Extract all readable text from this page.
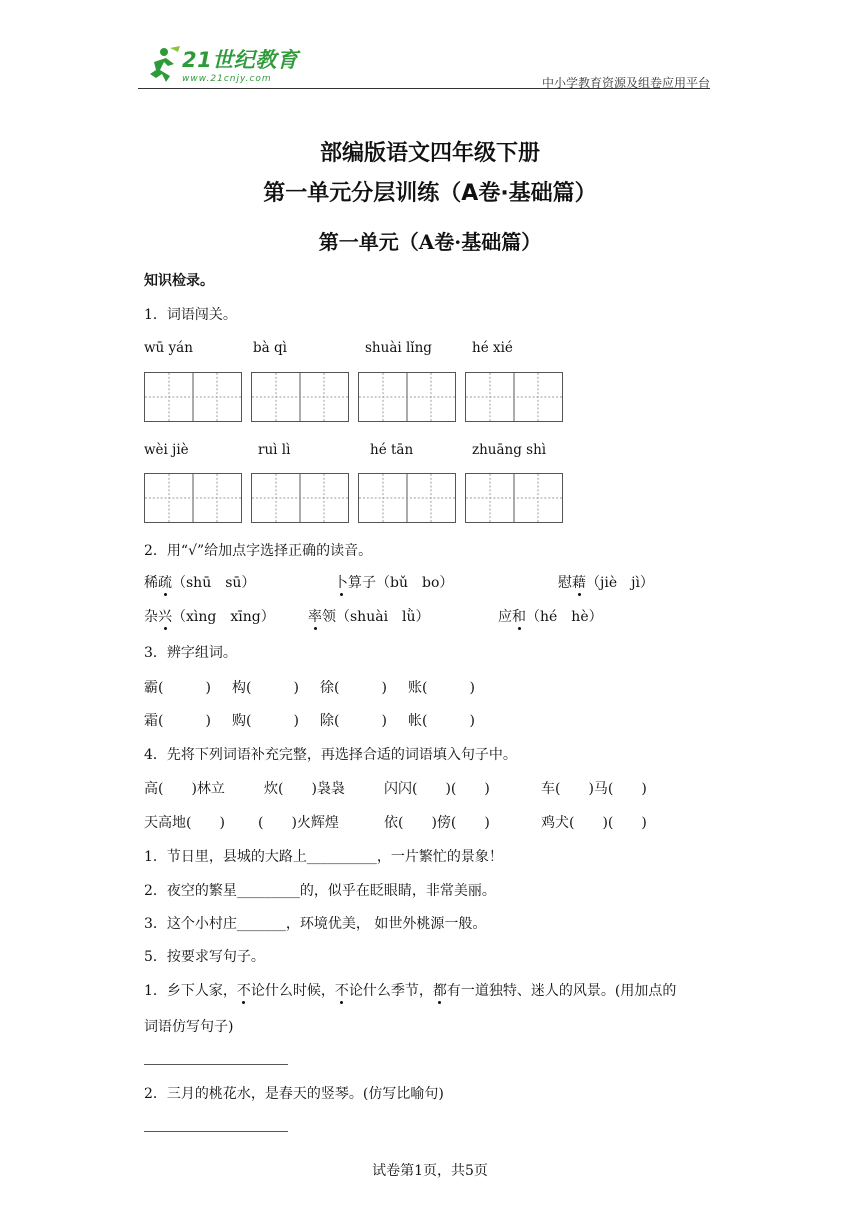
21世纪教育
www.21cnjy.com	中小学教育资源及组卷应用平台
部编版语文四年级下册
第一单元分层训练（A卷·基础篇）
第一单元（A卷·基础篇）
知识检录。
1．词语闯关。
wū yán	bà qì	shuài lǐng	hé xié
wèi jiè	ruì lì	hé tān	zhuāng shì
2．用“√”给加点字选择正确的读音。
稀疏（shū　sū）	卜算子（bǔ　bo）	慰藉（jiè　jì）
杂兴（xìng　xīng） 率领（shuài　lǜ）	应和（hé　hè）
3．辨字组词。
霸(　　　) 构(　　　) 徐(　　　) 账(　　　)
霜(　　　) 购(　　　) 除(　　　) 帐(　　　)
4．先将下列词语补充完整，再选择合适的词语填入句子中。
高(　　)林立	炊(　　)袅袅	闪闪(　　)(　　)	车(　　)马(　　)
天高地(　　) (　　)火辉煌	依(　　)傍(　　)	鸡犬(　　)(　　)
1．节日里，县城的大路上__________，一片繁忙的景象！
2．夜空的繁星_________的，似乎在眨眼睛，非常美丽。
3．这个小村庄_______，环境优美， 如世外桃源一般。
5．按要求写句子。
1．乡下人家，不论什么时候，不论什么季节，都有一道独特、迷人的风景。(用加点的
词语仿写句子)
2．三月的桃花水，是春天的竖琴。(仿写比喻句)
试卷第1页，共5页
